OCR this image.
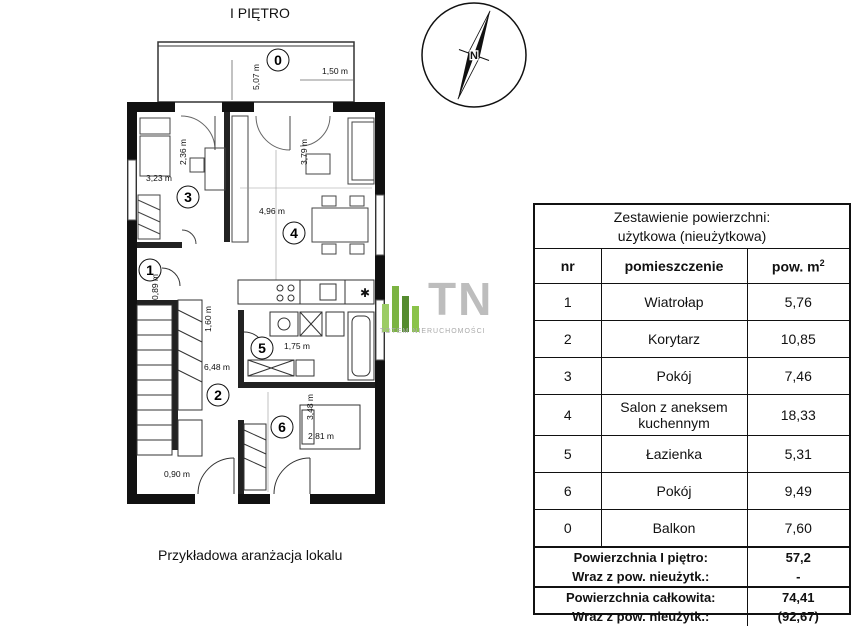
I PIĘTRO
0
1
2
3
4
5
6
5,07 m	1,50 m
2,36 m
3,23 m
3,79 m
4,96 m
0,89 m
1,60 m
6,48 m
1,75 m
3,48 m
2,81 m
0,90 m
N
✱ TN
TOTEM NIERUCHOMOŚCI
Przykładowa aranżacja lokalu
Zestawienie powierzchni:
użytkowa (nieużytkowa)
nr	pomieszczenie	pow. $m^2$
1	Wiatrołap	5,76
2	Korytarz	10,85
3	Pokój	7,46
4	Salon z aneksem kuchennym	18,33
5	Łazienka	5,31
6	Pokój	9,49
0	Balkon	7,60
Powierzchnia I piętro:		57,2
Wraz z pow. nieużytk.:		-
Powierzchnia całkowita:		74,41
Wraz z pow. nieużytk.:		(92,67)
